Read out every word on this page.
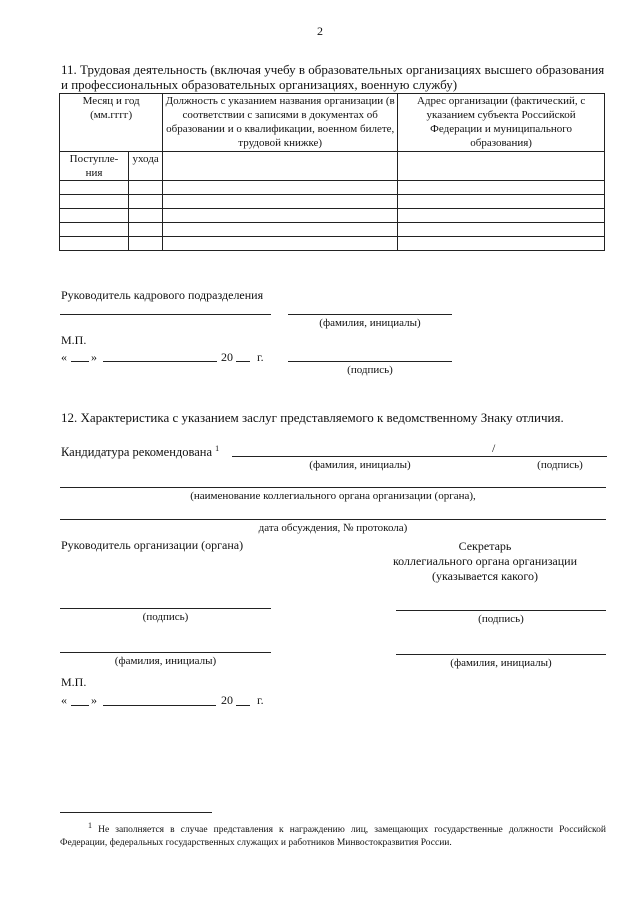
2
11. Трудовая деятельность (включая учебу в образовательных организациях высшего образования и профессиональных образовательных организациях, военную службу)
Месяц и год (мм.гггг)		Должность с указанием названия организации (в соответствии с записями в документах об образовании и о квалификации, военном билете, трудовой книжке)	Адрес организации (фактический, с указанием субъекта Российской Федерации и муниципального образования)
Поступле-ния	ухода		

Руководитель кадрового подразделения
(фамилия, инициалы)
М.П.
« »	20 г.
(подпись)
12. Характеристика с указанием заслуг представляемого к ведомственному Знаку отличия.
Кандидатура рекомендована $^1$	/
(фамилия, инициалы)	(подпись)
(наименование коллегиального органа организации (органа),
дата обсуждения, № протокола)
Руководитель организации (органа)	Секретарь
коллегиального органа организации
(указывается какого)
(подпись)	(подпись)
(фамилия, инициалы)	(фамилия, инициалы)
М.П.
« »	20 г.
$^1$ Не заполняется в случае представления к награждению лиц, замещающих государственные должности Российской Федерации, федеральных государственных служащих и работников Минвостокразвития России.
